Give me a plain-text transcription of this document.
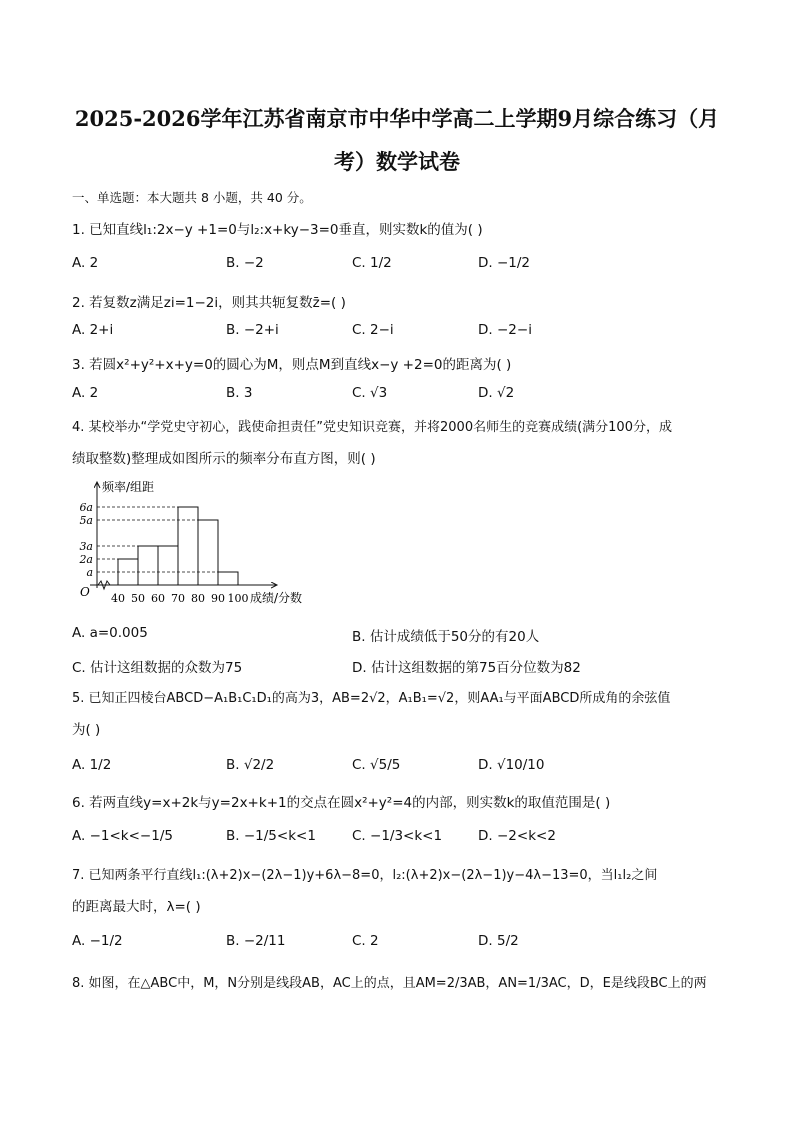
2025-2026学年江苏省南京市中华中学高二上学期9月综合练习（月
考）数学试卷
一、单选题：本大题共 8 小题，共 40 分。
1. 已知直线l₁:2x−y +1=0与l₂:x+ky−3=0垂直，则实数k的值为( )
A. 2	B. −2	C. 1/2	D. −1/2
2. 若复数z满足zi=1−2i，则其共轭复数z̄=( )
A. 2+i	B. −2+i	C. 2−i	D. −2−i
3. 若圆x²+y²+x+y=0的圆心为M，则点M到直线x−y +2=0的距离为( )
A. 2	B. 3	C. √3	D. √2
4. 某校举办“学党史守初心，践使命担责任”党史知识竞赛，并将2000名师生的竞赛成绩(满分100分，成
绩取整数)整理成如图所示的频率分布直方图，则( )
频率/组距
成绩/分数
O
a
2a
3a
5a
6a
40 50 60 70 80 90 100
A. a=0.005	B. 估计成绩低于50分的有20人
C. 估计这组数据的众数为75	D. 估计这组数据的第75百分位数为82
5. 已知正四棱台ABCD−A₁B₁C₁D₁的高为3，AB=2√2，A₁B₁=√2，则AA₁与平面ABCD所成角的余弦值
为( )
A. 1/2	B. √2/2	C. √5/5	D. √10/10
6. 若两直线y=x+2k与y=2x+k+1的交点在圆x²+y²=4的内部，则实数k的取值范围是( )
A. −1<k<−1/5	B. −1/5<k<1	C. −1/3<k<1	D. −2<k<2
7. 已知两条平行直线l₁:(λ+2)x−(2λ−1)y+6λ−8=0，l₂:(λ+2)x−(2λ−1)y−4λ−13=0，当l₁l₂之间
的距离最大时，λ=( )
A. −1/2	B. −2/11	C. 2	D. 5/2
8. 如图，在△ABC中，M，N分别是线段AB，AC上的点，且AM=2/3AB，AN=1/3AC，D，E是线段BC上的两
